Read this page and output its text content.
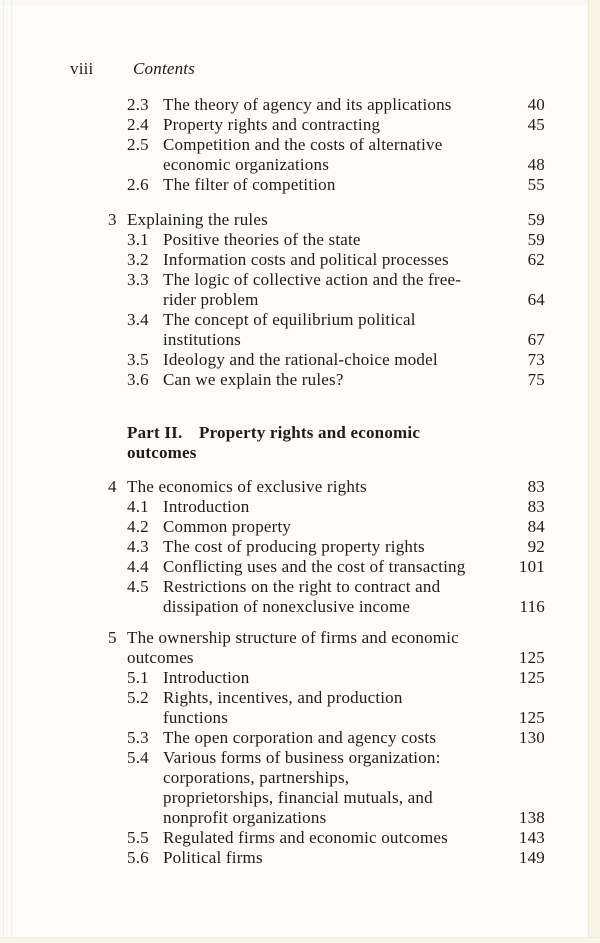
viii	Contents
2.3 The theory of agency and its applications	40
2.4 Property rights and contracting	45
2.5 Competition and the costs of alternative
economic organizations	48
2.6 The filter of competition	55
3 Explaining the rules	59
3.1 Positive theories of the state	59
3.2 Information costs and political processes	62
3.3 The logic of collective action and the free-
rider problem	64
3.4 The concept of equilibrium political
institutions	67
3.5 Ideology and the rational-choice model	73
3.6 Can we explain the rules?	75
Part II. Property rights and economic
outcomes
4 The economics of exclusive rights	83
4.1 Introduction	83
4.2 Common property	84
4.3 The cost of producing property rights	92
4.4 Conflicting uses and the cost of transacting	101
4.5 Restrictions on the right to contract and
dissipation of nonexclusive income	116
5 The ownership structure of firms and economic
outcomes	125
5.1 Introduction	125
5.2 Rights, incentives, and production
functions	125
5.3 The open corporation and agency costs	130
5.4 Various forms of business organization:
corporations, partnerships,
proprietorships, financial mutuals, and
nonprofit organizations	138
5.5 Regulated firms and economic outcomes	143
5.6 Political firms	149
